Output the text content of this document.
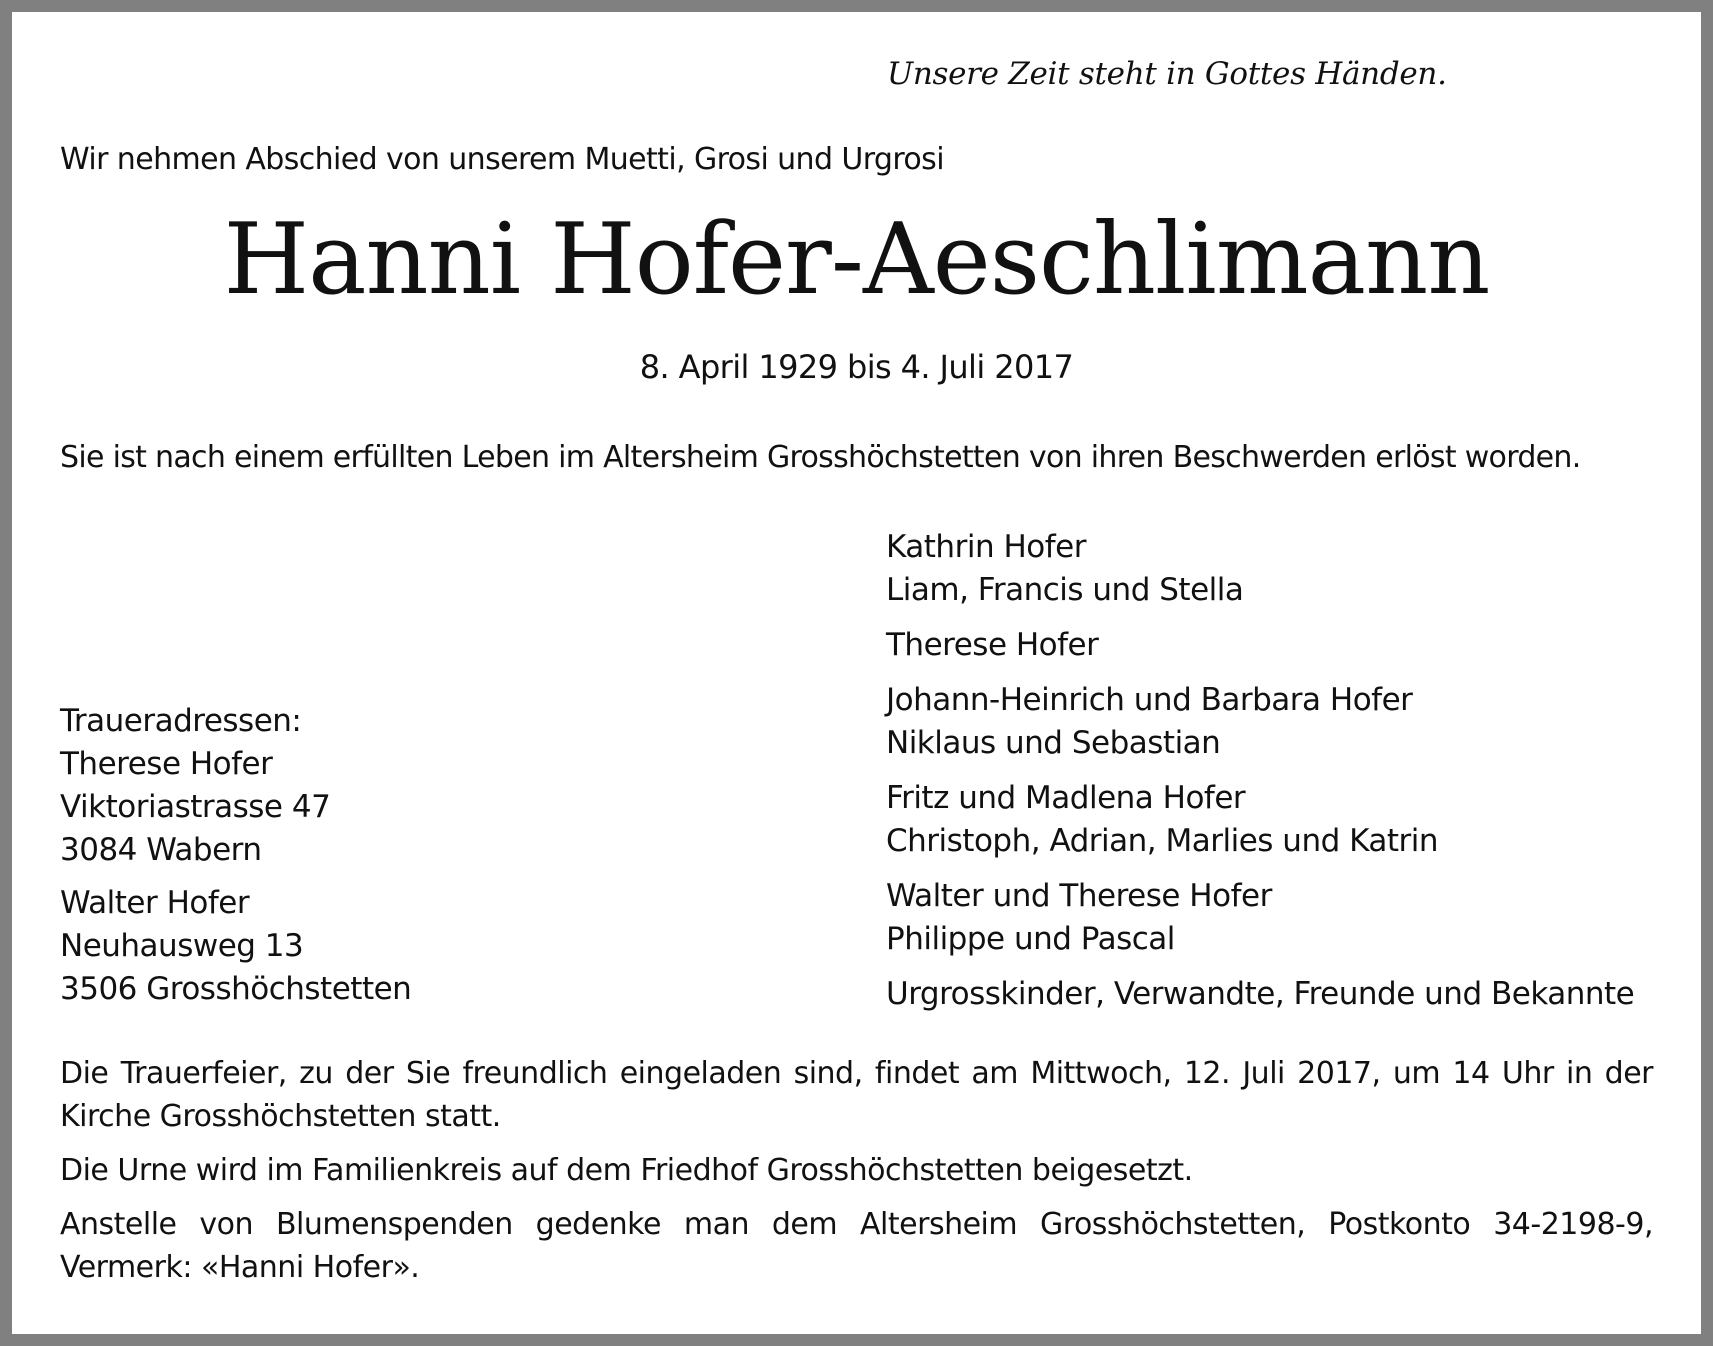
Unsere Zeit steht in Gottes Händen.
Wir nehmen Abschied von unserem Muetti, Grosi und Urgrosi
Hanni Hofer-Aeschlimann
8. April 1929 bis 4. Juli 2017
Sie ist nach einem erfüllten Leben im Altersheim Grosshöchstetten von ihren Beschwerden erlöst worden.
Traueradressen:
Therese Hofer
Viktoriastrasse 47
3084 Wabern
Walter Hofer
Neuhausweg 13
3506 Grosshöchstetten
Kathrin Hofer
Liam, Francis und Stella
Therese Hofer
Johann-Heinrich und Barbara Hofer
Niklaus und Sebastian
Fritz und Madlena Hofer
Christoph, Adrian, Marlies und Katrin
Walter und Therese Hofer
Philippe und Pascal
Urgrosskinder, Verwandte, Freunde und Bekannte

Die Trauerfeier, zu der Sie freundlich eingeladen sind, findet am Mittwoch, 12. Juli 2017, um 14 Uhr in der Kirche Grosshöchstetten statt.

Die Urne wird im Familienkreis auf dem Friedhof Grosshöchstetten beigesetzt.

Anstelle von Blumenspenden gedenke man dem Altersheim Grosshöchstetten, Postkonto 34-2198-9, Vermerk: «Hanni Hofer».
